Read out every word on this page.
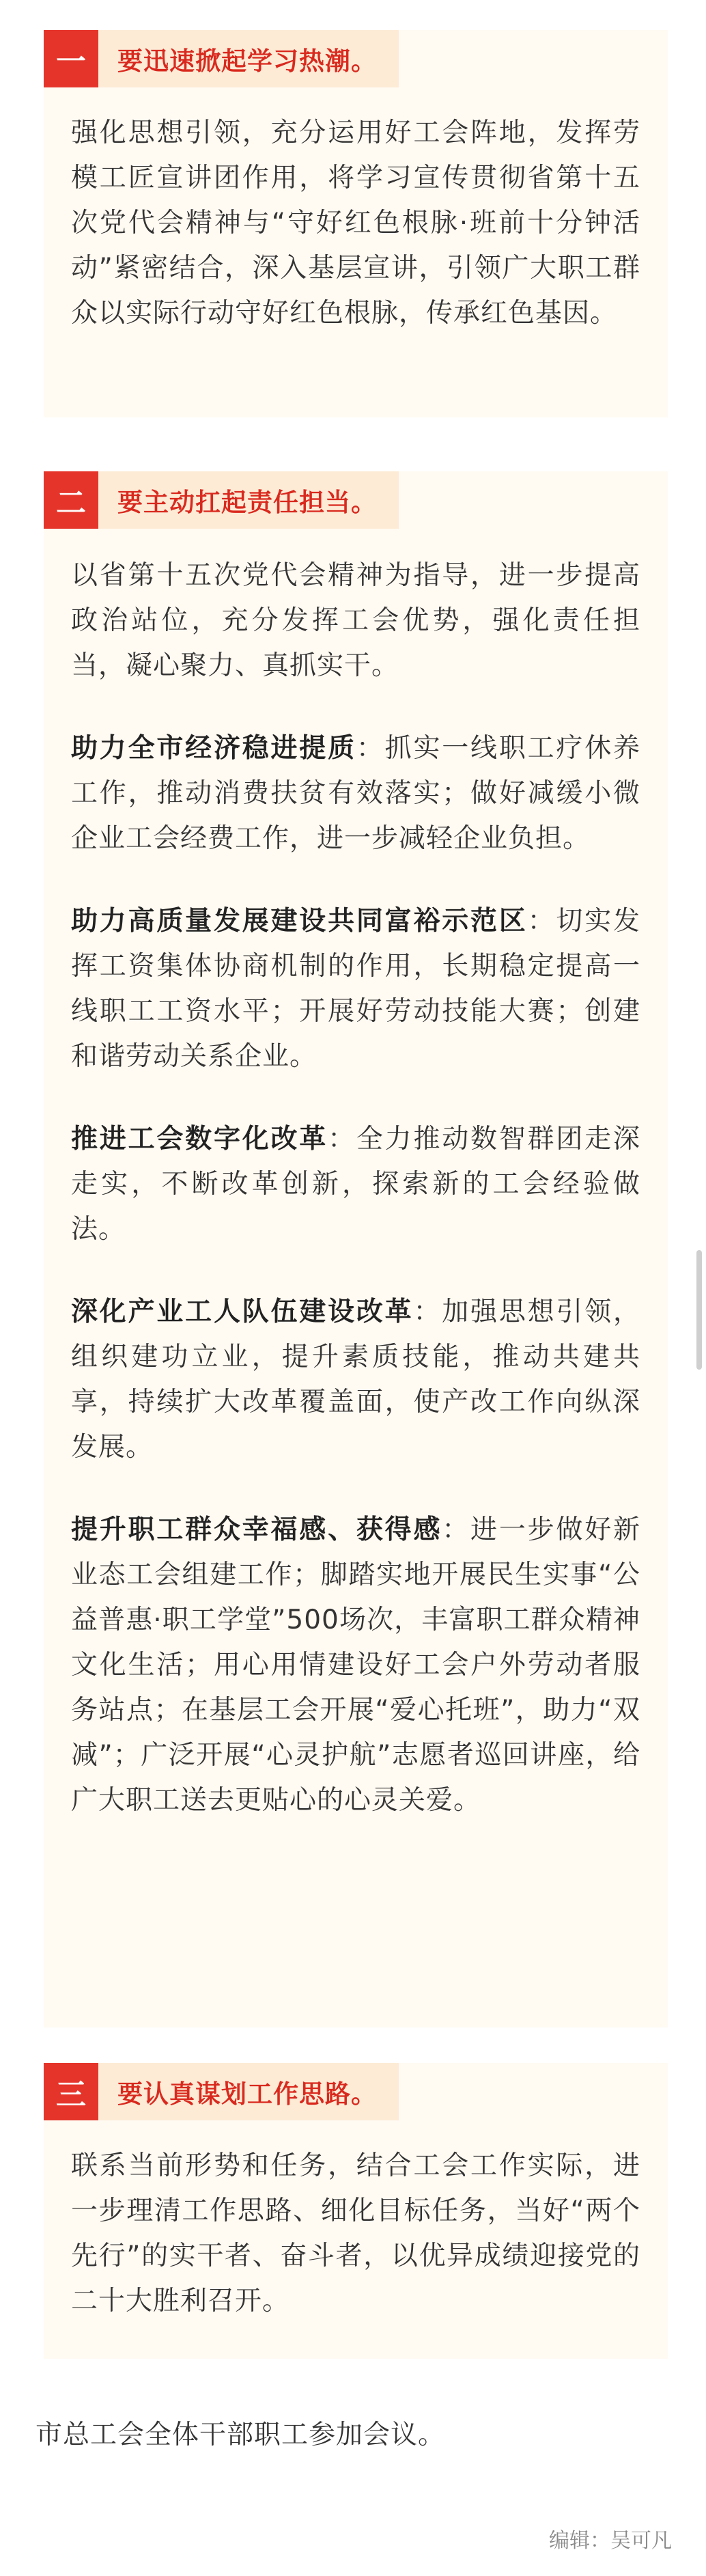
一	要迅速掀起学习热潮。

强化思想引领，充分运用好工会阵地，发挥劳模工匠宣讲团作用，将学习宣传贯彻省第十五次党代会精神与“守好红色根脉·班前十分钟活动”紧密结合，深入基层宣讲，引领广大职工群众以实际行动守好红色根脉，传承红色基因。

二	要主动扛起责任担当。

以省第十五次党代会精神为指导，进一步提高政治站位，充分发挥工会优势，强化责任担当，凝心聚力、真抓实干。

助力全市经济稳进提质：抓实一线职工疗休养工作，推动消费扶贫有效落实；做好减缓小微企业工会经费工作，进一步减轻企业负担。

助力高质量发展建设共同富裕示范区：切实发挥工资集体协商机制的作用，长期稳定提高一线职工工资水平；开展好劳动技能大赛；创建和谐劳动关系企业。

推进工会数字化改革：全力推动数智群团走深走实，不断改革创新，探索新的工会经验做法。

深化产业工人队伍建设改革：加强思想引领，组织建功立业，提升素质技能，推动共建共享，持续扩大改革覆盖面，使产改工作向纵深发展。

提升职工群众幸福感、获得感：进一步做好新业态工会组建工作；脚踏实地开展民生实事“公益普惠·职工学堂”500场次，丰富职工群众精神文化生活；用心用情建设好工会户外劳动者服务站点；在基层工会开展“爱心托班”，助力“双减”；广泛开展“心灵护航”志愿者巡回讲座，给广大职工送去更贴心的心灵关爱。

三	要认真谋划工作思路。

联系当前形势和任务，结合工会工作实际，进一步理清工作思路、细化目标任务，当好“两个先行”的实干者、奋斗者，以优异成绩迎接党的二十大胜利召开。

市总工会全体干部职工参加会议。
编辑：吴可凡
